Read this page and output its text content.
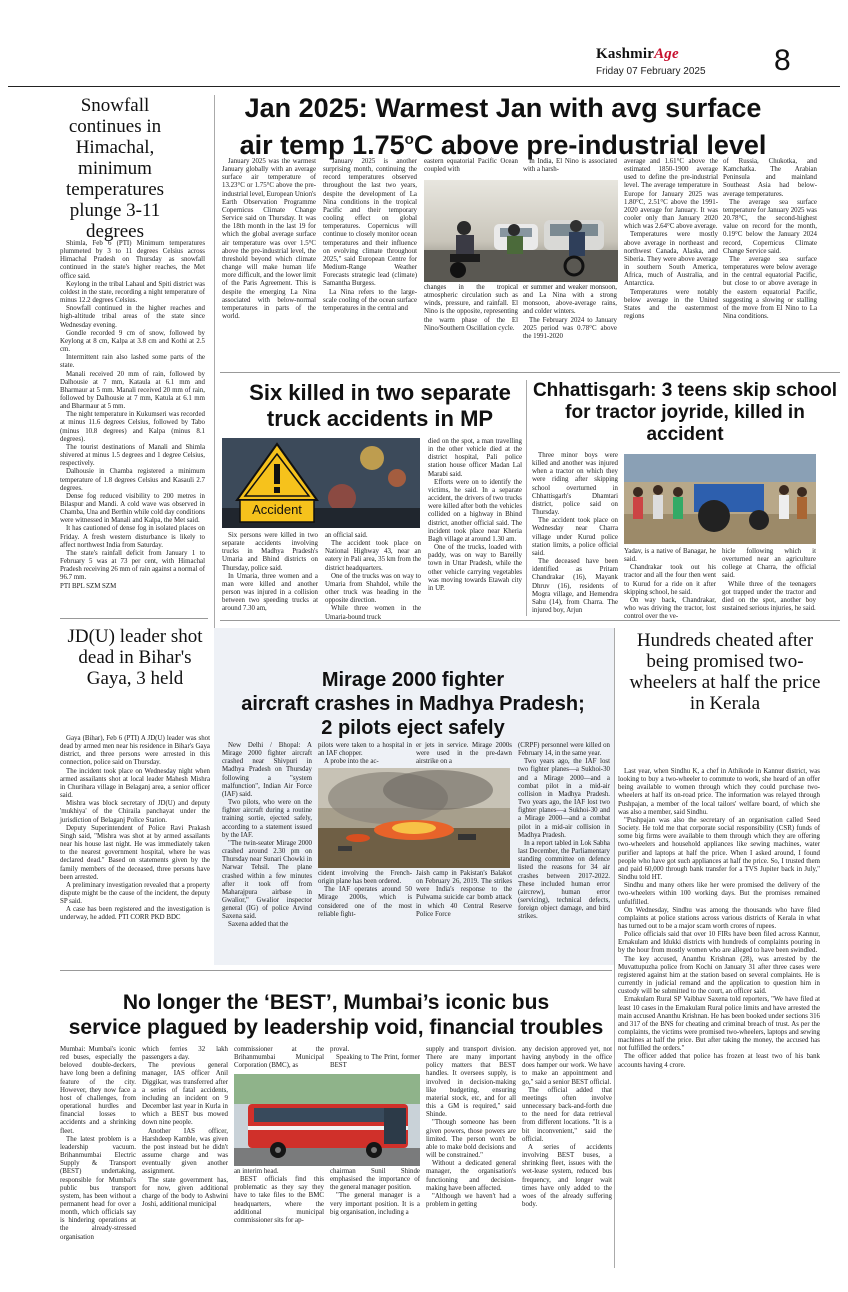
KashmirAge
Friday 07 February 2025 8
Snowfall continues in Himachal, minimum temperatures plunge 3-11 degrees

Shimla, Feb 6 (PTI) Minimum temperatures plummeted by 3 to 11 degrees Celsius across Himachal Pradesh on Thursday as snowfall continued in the state's higher reaches, the Met office said.

Keylong in the tribal Lahaul and Spiti district was coldest in the state, recording a night temperature of minus 12.2 degrees Celsius.

Snowfall continued in the higher reaches and high-altitude tribal areas of the state since Wednesday evening.

Gondle recorded 9 cm of snow, followed by Keylong at 8 cm, Kalpa at 3.8 cm and Kothi at 2.5 cm.

Intermittent rain also lashed some parts of the state.

Manali received 20 mm of rain, followed by Dalhousie at 7 mm, Kataula at 6.1 mm and Bharmaur at 5 mm. Manali received 20 mm of rain, followed by Dalhousie at 7 mm, Katula at 6.1 mm and Bharmaur at 5 mm.

The night temperature in Kukumseri was recorded at minus 11.6 degrees Celsius, followed by Tabo (minus 10.8 degrees) and Kalpa (minus 8.1 degrees).

The tourist destinations of Manali and Shimla shivered at minus 1.5 degrees and 1 degree Celsius, respectively.

Dalhousie in Chamba registered a minimum temperature of 1.8 degrees Celsius and Kasauli 2.7 degrees.

Dense fog reduced visibility to 200 metres in Bilaspur and Mandi. A cold wave was observed in Chamba, Una and Berthin while cold day conditions were witnessed in Manali and Kalpa, the Met said.

It has cautioned of dense fog in isolated places on Friday. A fresh western disturbance is likely to affect northwest India from Saturday.

The state's rainfall deficit from January 1 to February 5 was at 73 per cent, with Himachal Pradesh receiving 26 mm of rain against a normal of 96.7 mm.

PTI BPL SZM SZM

JD(U) leader shot dead in Bihar's Gaya, 3 held

Gaya (Bihar), Feb 6 (PTI) A JD(U) leader was shot dead by armed men near his residence in Bihar's Gaya district, and three persons were arrested in this connection, police said on Thursday.

The incident took place on Wednesday night when armed assailants shot at local leader Mahesh Mishra in Churihara village in Belaganj area, a senior officer said.

Mishra was block secretary of JD(U) and deputy 'mukhiya' of the Chiraila panchayat under the jurisdiction of Belaganj Police Station.

Deputy Superintendent of Police Ravi Prakash Singh said, "Mishra was shot at by armed assailants near his house last night. He was immediately taken to the nearest government hospital, where he was declared dead." Based on statements given by the family members of the deceased, three persons have been arrested.

A preliminary investigation revealed that a property dispute might be the cause of the incident, the deputy SP said.

A case has been registered and the investigation is underway, he added. PTI CORR PKD BDC

Jan 2025: Warmest Jan with avg surface
air temp 1.75$^o$C above pre-industrial level

January 2025 was the warmest January globally with an average surface air temperature of 13.23°C or 1.75°C above the pre-industrial level, European Union's Earth Observation Programme Copernicus Climate Change Service said on Thursday. It was the 18th month in the last 19 for which the global average surface air temperature was over 1.5°C above the pre-industrial level, the threshold beyond which climate change will make human life more difficult, and the lower limit of the Paris Agreement. This is despite the emerging La Nina associated with below-normal temperatures in parts of the world.

"January 2025 is another surprising month, continuing the record temperatures observed throughout the last two years, despite the development of La Nina conditions in the tropical Pacific and their temporary cooling effect on global temperatures. Copernicus will continue to closely monitor ocean temperatures and their influence on evolving climate throughout 2025," said European Centre for Medium-Range Weather Forecasts strategic lead (climate) Samantha Burgess.

La Nina refers to the large-scale cooling of the ocean surface temperatures in the central and

eastern equatorial Pacific Ocean coupled with

In India, El Nino is associated with a harsh-

changes in the tropical atmospheric circulation such as winds, pressure, and rainfall. El Nino is the opposite, representing the warm phase of the El Nino/Southern Oscillation cycle.

er summer and weaker monsoon, and La Nina with a strong monsoon, above-average rains, and colder winters.

The February 2024 to January 2025 period was 0.78°C above the 1991-2020

average and 1.61°C above the estimated 1850-1900 average used to define the pre-industrial level. The average temperature in Europe for January 2025 was 1.80°C, 2.51°C above the 1991-2020 average for January. It was cooler only than January 2020 which was 2.64°C above average.

Temperatures were mostly above average in northeast and northwest Canada, Alaska, and Siberia. They were above average in southern South America, Africa, much of Australia, and Antarctica.

Temperatures were notably below average in the United States and the easternmost regions

of Russia, Chukotka, and Kamchatka. The Arabian Peninsula and mainland Southeast Asia had below-average temperatures.

The average sea surface temperature for January 2025 was 20.78°C, the second-highest value on record for the month, 0.19°C below the January 2024 record, Copernicus Climate Change Service said.

The average sea surface temperatures were below average in the central equatorial Pacific, but close to or above average in the eastern equatorial Pacific, suggesting a slowing or stalling of the move from El Nino to La Nina conditions.

Six killed in two separate
truck accidents in MP
Accident

Six persons were killed in two separate accidents involving trucks in Madhya Pradesh's Umaria and Bhind districts on Thursday, police said.

In Umaria, three women and a man were killed and another person was injured in a collision between two speeding trucks at around 7.30 am,

an official said.

The accident took place on National Highway 43, near an eatery in Pali area, 35 km from the district headquarters.

One of the trucks was on way to Umaria from Shahdol, while the other truck was heading in the opposite direction.

While three women in the Umaria-bound truck

died on the spot, a man travelling in the other vehicle died at the district hospital, Pali police station house officer Madan Lal Marabi said.

Efforts were on to identify the victims, he said. In a separate accident, the drivers of two trucks were killed after both the vehicles collided on a highway in Bhind district, another official said. The incident took place near Kheria Bagh village at around 1.30 am.

One of the trucks, loaded with paddy, was on way to Bareilly town in Uttar Pradesh, while the other vehicle carrying vegetables was moving towards Etawah city in UP.

Chhattisgarh: 3 teens skip school for tractor joyride, killed in accident

Three minor boys were killed and another was injured when a tractor on which they were riding after skipping school overturned in Chhattisgarh's Dhamtari district, police said on Thursday.

The accident took place on Wednesday near Charra village under Kurud police station limits, a police official said.

The deceased have been identified as Pritam Chandrakar (16), Mayank Dhruv (16), residents of Mogra village, and Hemendra Sahu (14), from Charra. The injured boy, Arjun

Yadav, is a native of Banagar, he said.

Chandrakar took out his tractor and all the four then went to Kurud for a ride on it after skipping school, he said.

On way back, Chandrakar, who was driving the tractor, lost control over the ve-

hicle following which it overturned near an agriculture college at Charra, the official said.

While three of the teenagers got trapped under the tractor and died on the spot, another boy sustained serious injuries, he said.

Mirage 2000 fighter
aircraft crashes in Madhya Pradesh;
2 pilots eject safely

New Delhi / Bhopal: A Mirage 2000 fighter aircraft crashed near Shivpuri in Madhya Pradesh on Thursday following a "system malfunction", Indian Air Force (IAF) said.

Two pilots, who were on the fighter aircraft during a routine training sortie, ejected safely, according to a statement issued by the IAF.

"The twin-seater Mirage 2000 crashed around 2.30 pm on Thursday near Sunari Chowki in Narwar Tehsil. The plane crashed within a few minutes after it took off from Maharajpura airbase in Gwalior," Gwalior inspector general (IG) of police Arvind Saxena said.

Saxena added that the

pilots were taken to a hospital in an IAF chopper.

A probe into the ac-

er jets in service. Mirage 2000s were used in the pre-dawn airstrike on a

cident involving the French-origin plane has been ordered.

The IAF operates around 50 Mirage 2000s, which is considered one of the most reliable fight-

Jaish camp in Pakistan's Balakot on February 26, 2019. The strikes were India's response to the Pulwama suicide car bomb attack in which 40 Central Reserve Police Force

(CRPF) personnel were killed on February 14, in the same year.

Two years ago, the IAF lost two fighter planes—a Sukhoi-30 and a Mirage 2000—and a combat pilot in a mid-air collision in Madhya Pradesh. Two years ago, the IAF lost two fighter planes—a Sukhoi-30 and a Mirage 2000—and a combat pilot in a mid-air collision in Madhya Pradesh.

In a report tabled in Lok Sabha last December, the Parliamentary standing committee on defence listed the reasons for 34 air crashes between 2017-2022. These included human error (aircrew), human error (servicing), technical defects, foreign object damage, and bird strikes.

Hundreds cheated after being promised two-wheelers at half the price in Kerala

Last year, when Sindhu K, a chef in Athikode in Kannur district, was looking to buy a two-wheeler to commute to work, she heard of an offer being available to women through which they could purchase two-wheelers at half its on-road price. The information was relayed through Pushpajan, a member of the local tailors' welfare board, of which she was also a member, said Sindhu.

"Pushpajan was also the secretary of an organisation called Seed Society. He told me that corporate social responsibility (CSR) funds of some big firms were available to them through which they are offering two-wheelers and household appliances like sewing machines, water purifier and laptops at half the price. When I asked around, I found people who have got such appliances at half the price. So, I trusted them and paid 60,000 through bank transfer for a TVS Jupiter back in July," Sindhu told HT.

Sindhu and many others like her were promised the delivery of the two-wheelers within 100 working days. But the promises remained unfulfilled.

On Wednesday, Sindhu was among the thousands who have filed complaints at police stations across various districts of Kerala in what has turned out to be a major scam worth crores of rupees.

Police officials said that over 10 FIRs have been filed across Kannur, Ernakulam and Idukki districts with hundreds of complaints pouring in by the hour from mostly women who are alleged to have been swindled.

The key accused, Ananthu Krishnan (28), was arrested by the Muvattupuzha police from Kochi on January 31 after three cases were registered against him at the station based on several complaints. He is currently in judicial remand and the application to question him in custody will be submitted to the court, an officer said.

Ernakulam Rural SP Vaibhav Saxena told reporters, "We have filed at least 10 cases in the Ernakulam Rural police limits and have arrested the main accused Ananthu Krishnan. He has been booked under sections 316 and 317 of the BNS for cheating and criminal breach of trust. As per the complaints, the victims were promised two-wheelers, laptops and sewing machines at half the price. But after taking the money, the accused has not fulfilled the orders."

The officer added that police has frozen at least two of his bank accounts having 4 crore.

No longer the ‘BEST’, Mumbai’s iconic bus
service plagued by leadership void, financial troubles

Mumbai: Mumbai's iconic red buses, especially the beloved double-deckers, have long been a defining feature of the city. However, they now face a host of challenges, from operational hurdles and financial losses to accidents and a shrinking fleet.

The latest problem is a leadership vacuum. Brihanmumbai Electric Supply & Transport (BEST) undertaking, responsible for Mumbai's public bus transport system, has been without a permanent head for over a month, which officials say is hindering operations at the already-stressed organisation

which ferries 32 lakh passengers a day.

The previous general manager, IAS officer Anil Diggikar, was transferred after a series of fatal accidents, including an incident on 9 December last year in Kurla in which a BEST bus mowed down nine people.

Another IAS officer, Harshdeep Kamble, was given the post instead but he didn't assume charge and was eventually given another assignment.

The state government has, for now, given additional charge of the body to Ashwini Joshi, additional municipal

commissioner at the Brihanmumbai Municipal Corporation (BMC), as

proval.

Speaking to The Print, former BEST

an interim head.

BEST officials find this problematic as they say they have to take files to the BMC headquarters, where the additional municipal commissioner sits for ap-

chairman Sunil Shinde emphasised the importance of the general manager position.

"The general manager is a very important position. It is a big organisation, including a

supply and transport division. There are many important policy matters that BEST handles. It oversees supply, is involved in decision-making like budgeting, ensuring material stock, etc, and for all this a GM is required," said Shinde.

"Though someone has been given powers, those powers are limited. The person won't be able to make bold decisions and will be constrained."

Without a dedicated general manager, the organisation's functioning and decision-making have been affected.

"Although we haven't had a problem in getting

any decision approved yet, not having anybody in the office does hamper our work. We have to make an appointment and go," said a senior BEST official.

The official added that meetings often involve unnecessary back-and-forth due to the need for data retrieval from different locations. "It is a bit inconvenient," said the official.

A series of accidents involving BEST buses, a shrinking fleet, issues with the wet-lease system, reduced bus frequency, and longer wait times have only added to the woes of the already suffering body.
